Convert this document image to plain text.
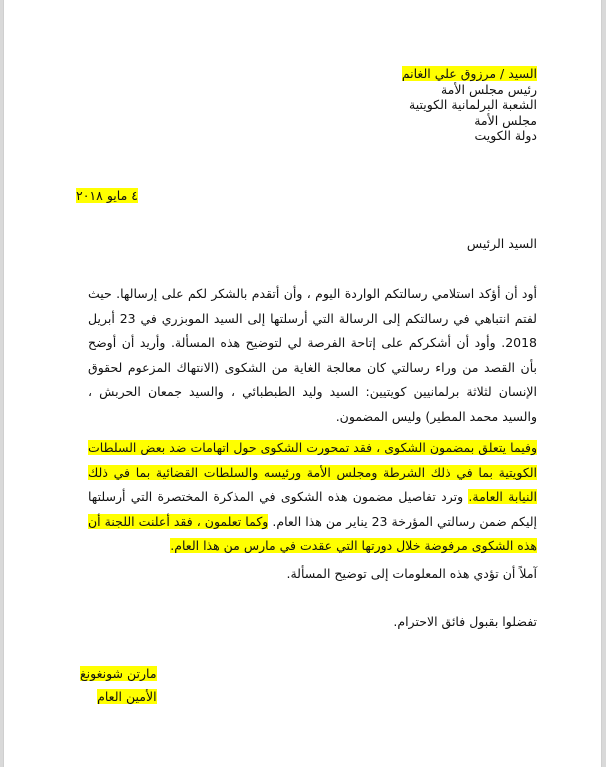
السيد / مرزوق علي الغانم
رئيس مجلس الأمة
الشعبة البرلمانية الكويتية
مجلس الأمة
دولة الكويت
٤ مايو ٢٠١٨
السيد الرئيس
أود أن أؤكد استلامي رسالتكم الواردة اليوم ، وأن أتقدم بالشكر لكم على إرسالها. حيث لفتم انتباهي في رسالتكم إلى الرسالة التي أرسلتها إلى السيد الموبزري في 23 أبريل 2018. وأود أن أشكركم على إتاحة الفرصة لي لتوضيح هذه المسألة. وأريد أن أوضح بأن القصد من وراء رسالتي كان معالجة الغاية من الشكوى (الانتهاك المزعوم لحقوق الإنسان لثلاثة برلمانيين كويتيين: السيد وليد الطبطبائي ، والسيد جمعان الحربش ، والسيد محمد المطير) وليس المضمون.
وفيما يتعلق بمضمون الشكوى ، فقد تمحورت الشكوى حول اتهامات ضد بعض السلطات الكويتية بما في ذلك الشرطة ومجلس الأمة ورئيسه والسلطات القضائية بما في ذلك النيابة العامة. وترد تفاصيل مضمون هذه الشكوى في المذكرة المختصرة التي أرسلتها إليكم ضمن رسالتي المؤرخة 23 يناير من هذا العام. وكما تعلمون ، فقد أعلنت اللجنة أن هذه الشكوى مرفوضة خلال دورتها التي عقدت في مارس من هذا العام.
آملاً أن تؤدي هذه المعلومات إلى توضيح المسألة.
تفضلوا بقبول فائق الاحترام.
مارتن شونغونغ
الأمين العام
